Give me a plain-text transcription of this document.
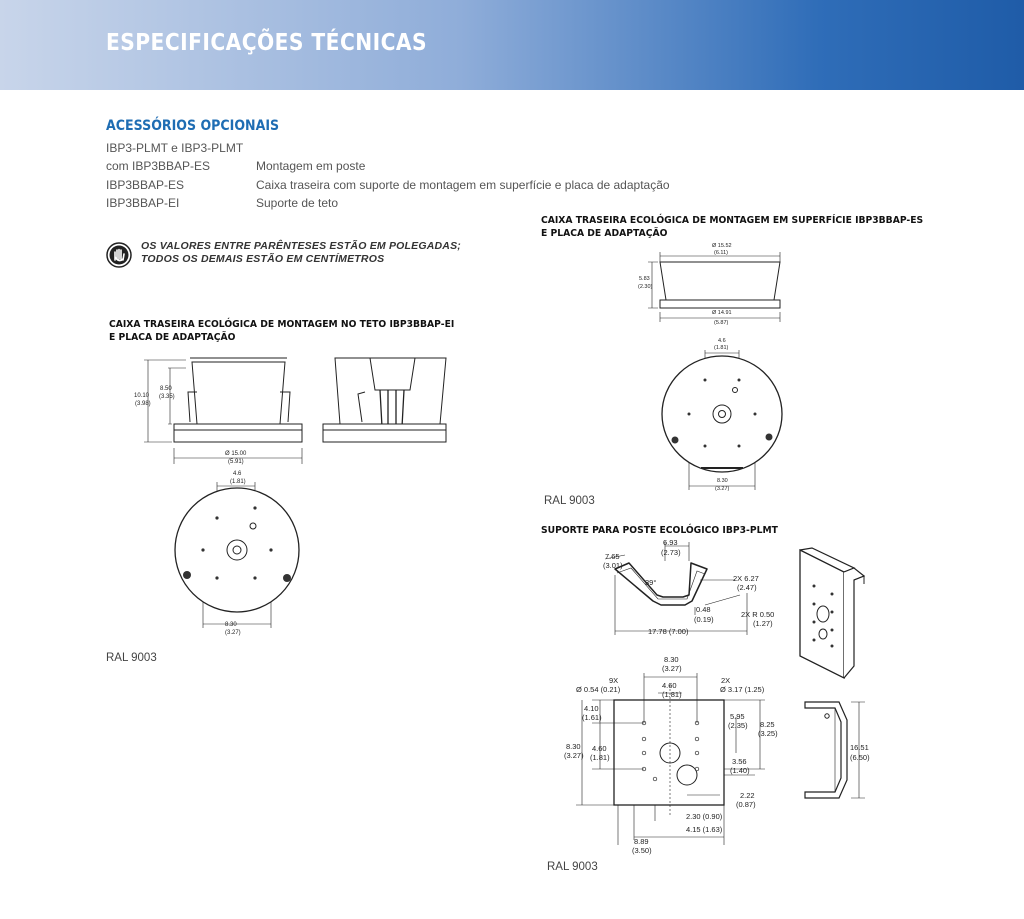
ESPECIFICAÇÕES TÉCNICAS
ACESSÓRIOS OPCIONAIS
IBP3-PLMT e IBP3-PLMT
com IBP3BBAP-ES	Montagem em poste
IBP3BBAP-ES	Caixa traseira com suporte de montagem em superfície e placa de adaptação
IBP3BBAP-EI	Suporte de teto
OS VALORES ENTRE PARÊNTESES ESTÃO EM POLEGADAS;
TODOS OS DEMAIS ESTÃO EM CENTÍMETROS
CAIXA TRASEIRA ECOLÓGICA DE MONTAGEM NO TETO IBP3BBAP-EI
E PLACA DE ADAPTAÇÃO
10.10
(3.98)
8.50
(3.35)
Ø 15.00
(5.91)
4.6
(1.81)
8.30
(3.27)
RAL 9003
CAIXA TRASEIRA ECOLÓGICA DE MONTAGEM EM SUPERFÍCIE IBP3BBAP-ES
E PLACA DE ADAPTAÇÃO
Ø 15.52
(6.11)
5.83
(2.30)
Ø 14.91
(5.87)
4.6
(1.81)
8.30
(3.27)
RAL 9003
SUPORTE PARA POSTE ECOLÓGICO IBP3-PLMT
6.93
(2.73)
7.65
(3.01)
39°	2X 6.27
(2.47)
0.48
(0.19)
2X R 0.50
(1.27)
17.78 (7.00)
8.30
(3.27)
9X
Ø 0.54 (0.21)	4.60
(1.81)
2X
Ø 3.17 (1.25)
4.10
(1.61)	5.95
(2.35) 8.25
(3.25)
8.30
(3.27)
4.60
(1.81)	3.56
(1.40)
2.22
(0.87)
2.30 (0.90)
4.15 (1.63)
8.89
(3.50)
16.51
(6.50)
RAL 9003
